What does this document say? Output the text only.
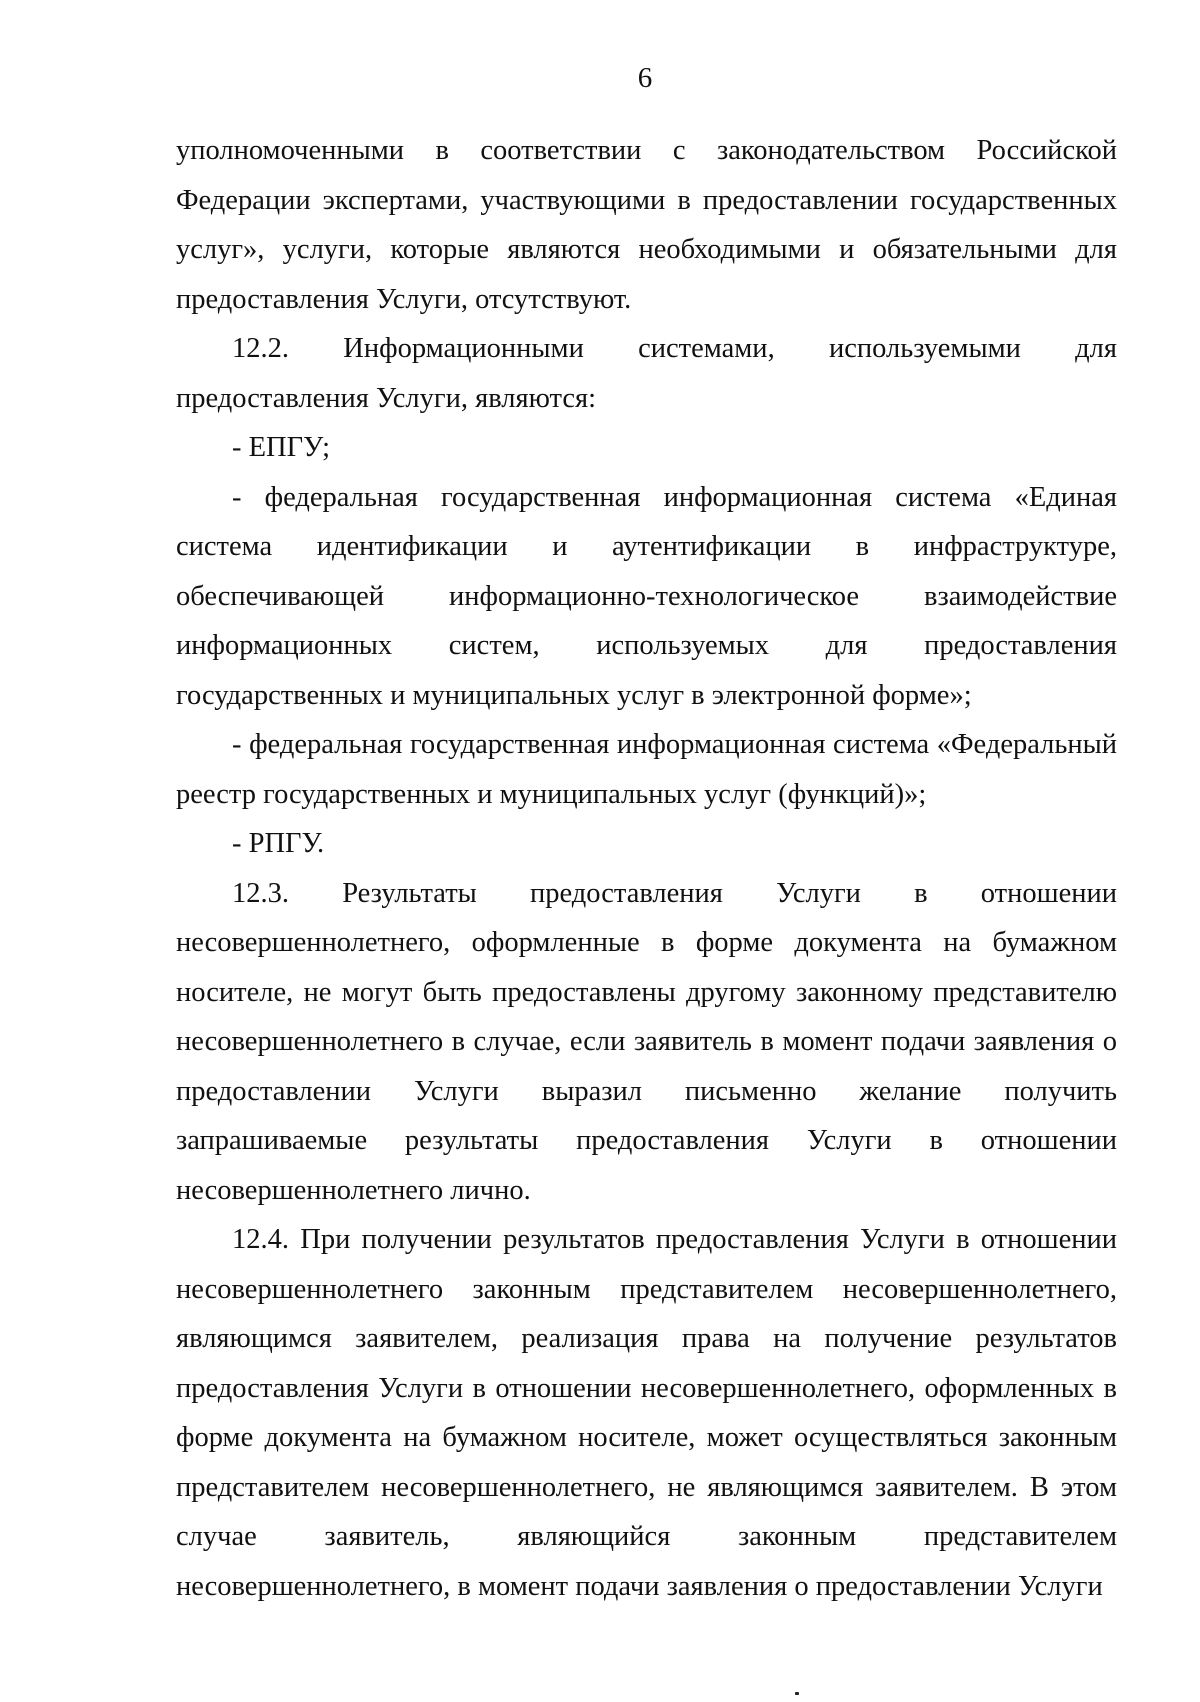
6

уполномоченными в соответствии с законодательством Российской Федерации экспертами, участвующими в предоставлении государственных услуг», услуги, которые являются необходимыми и обязательными для предоставления Услуги, отсутствуют.

12.2. Информационными системами, используемыми для предоставления Услуги, являются:

- ЕПГУ;

- федеральная государственная информационная система «Единая система идентификации и аутентификации в инфраструктуре, обеспечивающей информационно-технологическое взаимодействие информационных систем, используемых для предоставления государственных и муниципальных услуг в электронной форме»;

- федеральная государственная информационная система «Федеральный реестр государственных и муниципальных услуг (функций)»;

- РПГУ.

12.3. Результаты предоставления Услуги в отношении несовершеннолетнего, оформленные в форме документа на бумажном носителе, не могут быть предоставлены другому законному представителю несовершеннолетнего в случае, если заявитель в момент подачи заявления о предоставлении Услуги выразил письменно желание получить запрашиваемые результаты предоставления Услуги в отношении несовершеннолетнего лично.

12.4. При получении результатов предоставления Услуги в отношении несовершеннолетнего законным представителем несовершеннолетнего, являющимся заявителем, реализация права на получение результатов предоставления Услуги в отношении несовершеннолетнего, оформленных в форме документа на бумажном носителе, может осуществляться законным представителем несовершеннолетнего, не являющимся заявителем. В этом случае заявитель, являющийся законным представителем несовершеннолетнего, в момент подачи заявления о предоставлении Услуги
